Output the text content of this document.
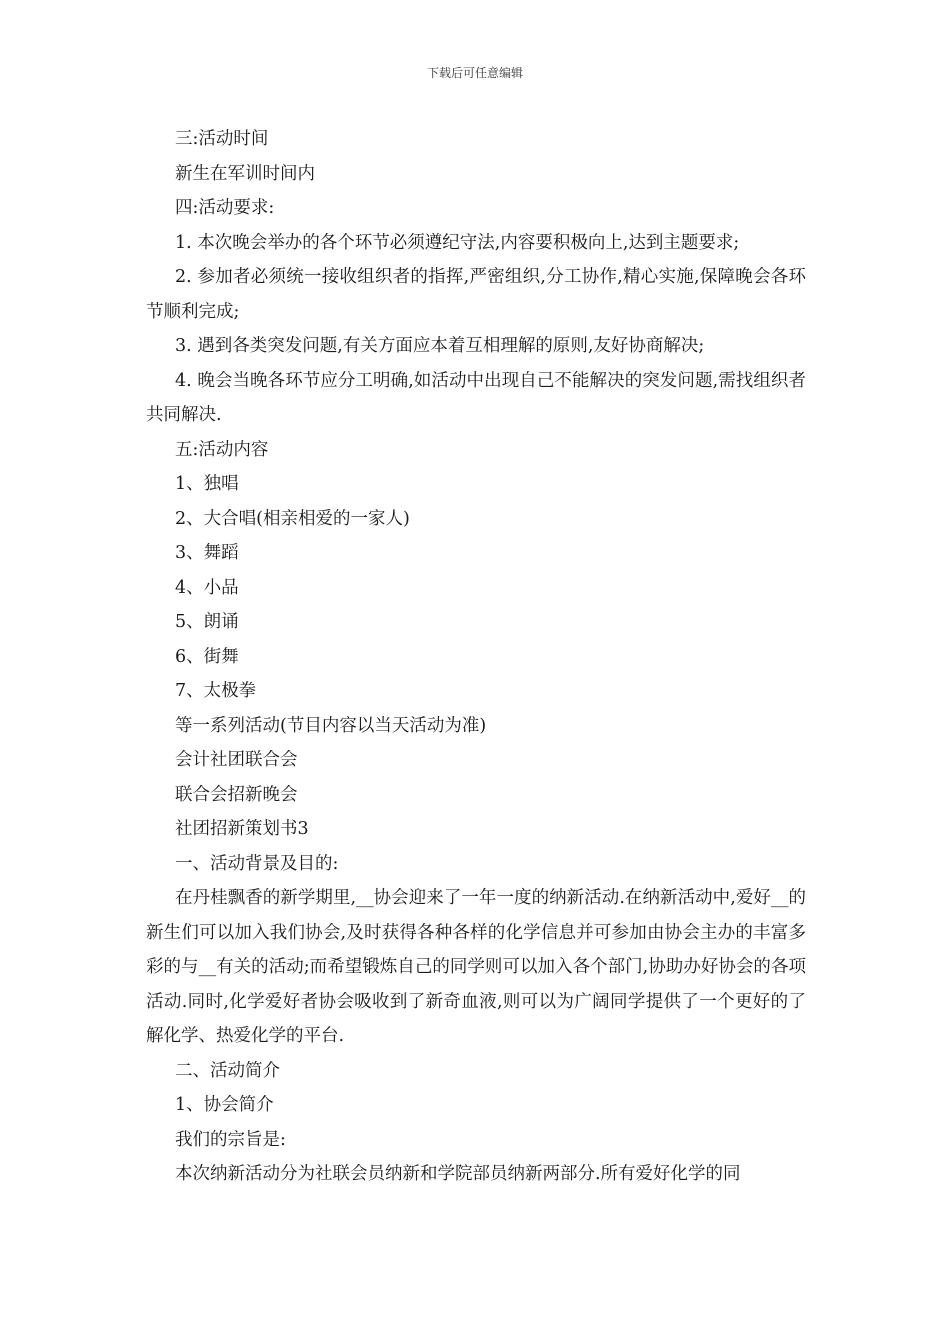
下载后可任意编辑

三:活动时间

新生在军训时间内

四:活动要求:

1. 本次晚会举办的各个环节必须遵纪守法,内容要积极向上,达到主题要求;

2. 参加者必须统一接收组织者的指挥,严密组织,分工协作,精心实施,保障晚会各环节顺利完成;

3. 遇到各类突发问题,有关方面应本着互相理解的原则,友好协商解决;

4. 晚会当晚各环节应分工明确,如活动中出现自己不能解决的突发问题,需找组织者共同解决.

五:活动内容

1、独唱

2、大合唱(相亲相爱的一家人)

3、舞蹈

4、小品

5、朗诵

6、街舞

7、太极拳

等一系列活动(节目内容以当天活动为准)

会计社团联合会

联合会招新晚会

社团招新策划书3

一、活动背景及目的:

在丹桂飘香的新学期里,__协会迎来了一年一度的纳新活动.在纳新活动中,爱好__的新生们可以加入我们协会,及时获得各种各样的化学信息并可参加由协会主办的丰富多彩的与__有关的活动;而希望锻炼自己的同学则可以加入各个部门,协助办好协会的各项活动.同时,化学爱好者协会吸收到了新奇血液,则可以为广阔同学提供了一个更好的了解化学、热爱化学的平台.

二、活动简介

1、协会简介

我们的宗旨是:

本次纳新活动分为社联会员纳新和学院部员纳新两部分.所有爱好化学的同
